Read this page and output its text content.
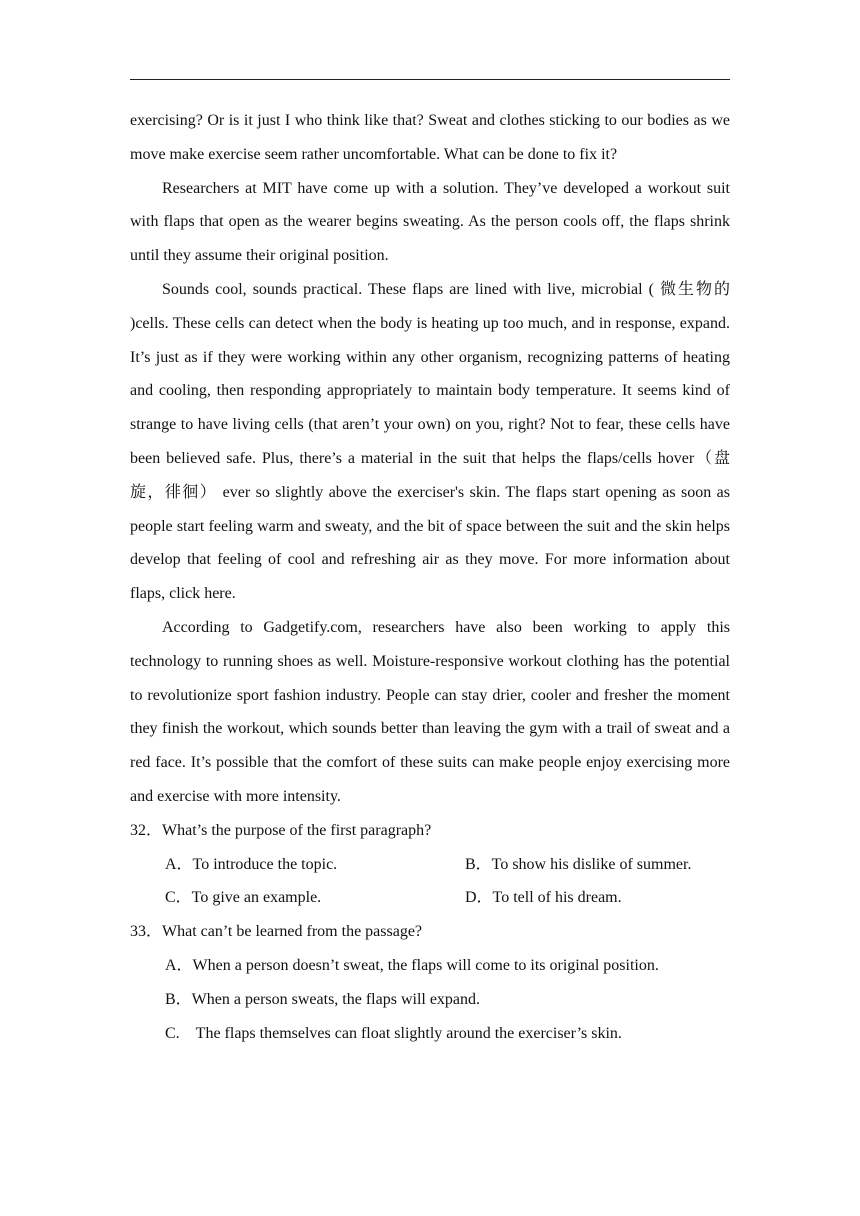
exercising? Or is it just I who think like that? Sweat and clothes sticking to our bodies as we move make exercise seem rather uncomfortable. What can be done to fix it?

Researchers at MIT have come up with a solution. They’ve developed a workout suit with flaps that open as the wearer begins sweating. As the person cools off, the flaps shrink until they assume their original position.

Sounds cool, sounds practical. These flaps are lined with live, microbial ( 微生物的 )cells. These cells can detect when the body is heating up too much, and in response, expand. It’s just as if they were working within any other organism, recognizing patterns of heating and cooling, then responding appropriately to maintain body temperature. It seems kind of strange to have living cells (that aren’t your own) on you, right? Not to fear, these cells have been believed safe. Plus, there’s a material in the suit that helps the flaps/cells hover（盘旋，徘徊） ever so slightly above the exerciser's skin. The flaps start opening as soon as people start feeling warm and sweaty, and the bit of space between the suit and the skin helps develop that feeling of cool and refreshing air as they move. For more information about flaps, click here.

According to Gadgetify.com, researchers have also been working to apply this technology to running shoes as well. Moisture-responsive workout clothing has the potential to revolutionize sport fashion industry. People can stay drier, cooler and fresher the moment they finish the workout, which sounds better than leaving the gym with a trail of sweat and a red face. It’s possible that the comfort of these suits can make people enjoy exercising more and exercise with more intensity.

32．What’s the purpose of the first paragraph?

A．To introduce the topic.	B．To show his dislike of summer.
C．To give an example.	D．To tell of his dream.

33．What can’t be learned from the passage?

A．When a person doesn’t sweat, the flaps will come to its original position.
B．When a person sweats, the flaps will expand.
C.　The flaps themselves can float slightly around the exerciser’s skin.
